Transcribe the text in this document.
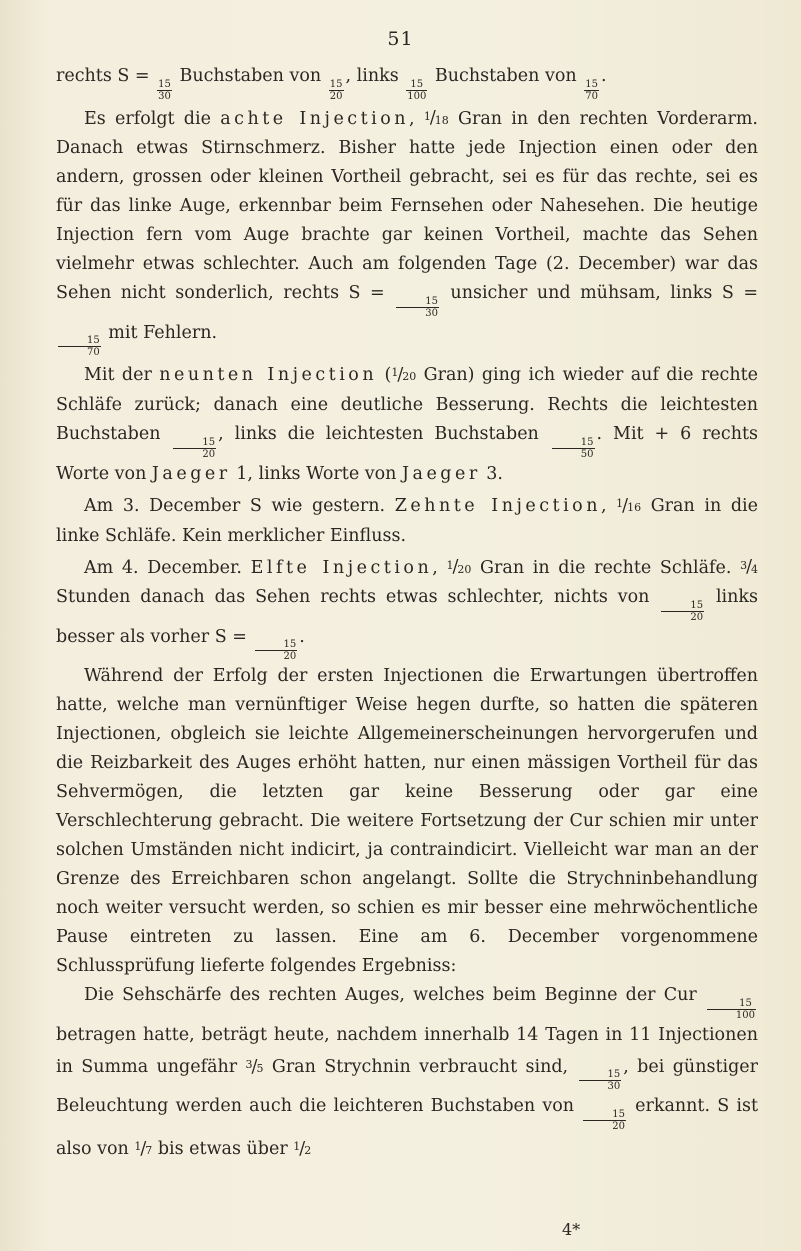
51

rechts S =
$\frac{15}{30}$
Buchstaben von
$\frac{15}{20}$
, links
$\frac{15}{100}$
Buchstaben von
$\frac{15}{70}$
.

Es erfolgt die achte Injection, $^1$/18 Gran in den rechten Vorderarm. Danach etwas Stirnschmerz. Bisher hatte jede Injection einen oder den andern, grossen oder kleinen Vortheil gebracht, sei es für das rechte, sei es für das linke Auge, erkennbar beim Fernsehen oder Nahesehen. Die heutige Injection fern vom Auge brachte gar keinen Vortheil, machte das Sehen vielmehr etwas schlechter. Auch am folgenden Tage (2. December) war das Sehen nicht sonderlich, rechts S =
$\frac{15}{30}$
unsicher und mühsam, links S =
$\frac{15}{70}$
mit Fehlern.

Mit der neunten Injection ($^1$/20 Gran) ging ich wieder auf die rechte Schläfe zurück; danach eine deutliche Besserung. Rechts die leichtesten Buchstaben
$\frac{15}{20}$
, links die leichtesten Buchstaben
$\frac{15}{50}$
. Mit + 6 rechts Worte von Jaeger 1, links Worte von Jaeger 3.

Am 3. December S wie gestern. Zehnte Injection, $^1$/16 Gran in die linke Schläfe. Kein merklicher Einfluss.

Am 4. December. Elfte Injection, $^1$/20 Gran in die rechte Schläfe. $^3$/4 Stunden danach das Sehen rechts etwas schlechter, nichts von
$\frac{15}{20}$
links besser als vorher S =
$\frac{15}{20}$
.

Während der Erfolg der ersten Injectionen die Erwartungen übertroffen hatte, welche man vernünftiger Weise hegen durfte, so hatten die späteren Injectionen, obgleich sie leichte Allgemeinerscheinungen hervorgerufen und die Reizbarkeit des Auges erhöht hatten, nur einen mässigen Vortheil für das Sehvermögen, die letzten gar keine Besserung oder gar eine Verschlechterung gebracht. Die weitere Fortsetzung der Cur schien mir unter solchen Umständen nicht indicirt, ja contraindicirt. Vielleicht war man an der Grenze des Erreichbaren schon angelangt. Sollte die Strychninbehandlung noch weiter versucht werden, so schien es mir besser eine mehrwöchentliche Pause eintreten zu lassen. Eine am 6. December vorgenommene Schlussprüfung lieferte folgendes Ergebniss:

Die Sehschärfe des rechten Auges, welches beim Beginne der Cur
$\frac{15}{100}$
betragen hatte, beträgt heute, nachdem innerhalb 14 Tagen in 11 Injectionen in Summa ungefähr $^3$/5 Gran Strychnin verbraucht sind,
$\frac{15}{30}$
, bei günstiger Beleuchtung werden auch die leichteren Buchstaben von
$\frac{15}{20}$
erkannt. S ist also von $^1$/7 bis etwas über $^1$/2

4*
